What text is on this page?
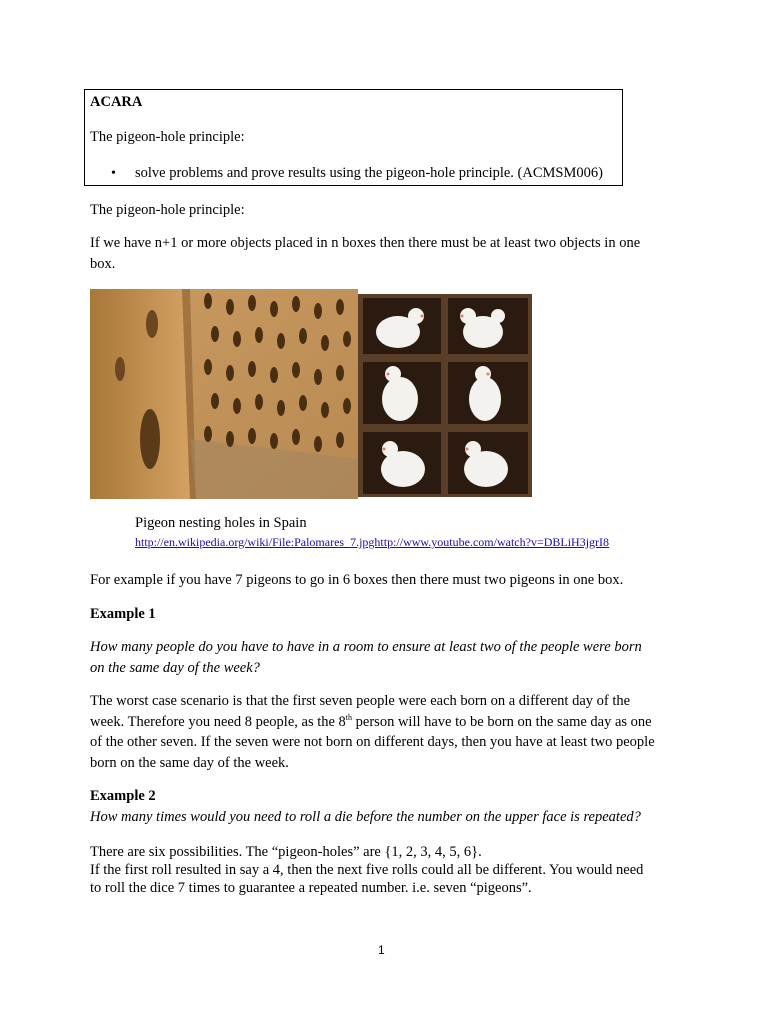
ACARA
The pigeon-hole principle:
• solve problems and prove results using the pigeon-hole principle. (ACMSM006)
The pigeon-hole principle:
If we have n+1 or more objects placed in n boxes then there must be at least two objects in one
box.
Pigeon nesting holes in Spain
http://en.wikipedia.org/wiki/File:Palomares_7.jpghttp://www.youtube.com/watch?v=DBLiH3jgrI8
For example if you have 7 pigeons to go in 6 boxes then there must two pigeons in one box.
Example 1
How many people do you have to have in a room to ensure at least two of the people were born
on the same day of the week?
The worst case scenario is that the first seven people were each born on a different day of the
week. Therefore you need 8 people, as the 8th person will have to be born on the same day as one
of the other seven. If the seven were not born on different days, then you have at least two people
born on the same day of the week.
Example 2
How many times would you need to roll a die before the number on the upper face is repeated?
There are six possibilities. The “pigeon-holes” are {1, 2, 3, 4, 5, 6}.
If the first roll resulted in say a 4, then the next five rolls could all be different. You would need
to roll the dice 7 times to guarantee a repeated number. i.e. seven “pigeons”.
1
